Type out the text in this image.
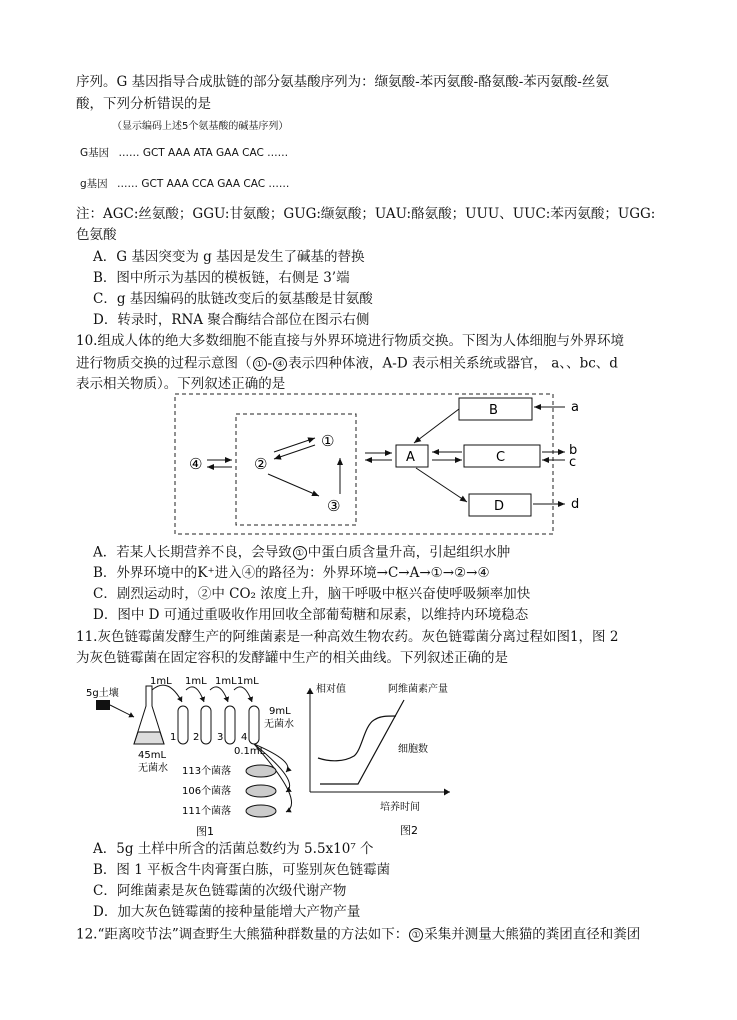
序列。G 基因指导合成肽链的部分氨基酸序列为：缬氨酸-苯丙氨酸-酪氨酸-苯丙氨酸-丝氨
酸，下列分析错误的是
（显示编码上述5个氨基酸的碱基序列）
G基因 …… GCT AAA ATA GAA CAC ……
g基因 …… GCT AAA CCA GAA CAC ……
注：AGC:丝氨酸；GGU:甘氨酸；GUG:缬氨酸；UAU:酪氨酸；UUU、UUC:苯丙氨酸；UGG:
色氨酸
A．G 基因突变为 g 基因是发生了碱基的替换
B．图中所示为基因的模板链，右侧是 3’端
C．g 基因编码的肽链改变后的氨基酸是甘氨酸
D．转录时，RNA 聚合酶结合部位在图示右侧
10.组成人体的绝大多数细胞不能直接与外界环境进行物质交换。下图为人体细胞与外界环境
进行物质交换的过程示意图（ ① - ④ 表示四种体液，A-D 表示相关系统或器官， a、、bc、d
表示相关物质）。下列叙述正确的是
④
①
②
③
A
B
C
D
a
b
c
d
A．若某人长期营养不良，会导致 ① 中蛋白质含量升高，引起组织水肿
B．外界环境中的K⁺进入④的路径为：外界环境→C→A→①→②→④
C．剧烈运动时，②中 CO₂ 浓度上升，脑干呼吸中枢兴奋使呼吸频率加快
D．图中 D 可通过重吸收作用回收全部葡萄糖和尿素，以维持内环境稳态
11.灰色链霉菌发酵生产的阿维菌素是一种高效生物农药。灰色链霉菌分离过程如图1，图 2
为灰色链霉菌在固定容积的发酵罐中生产的相关曲线。下列叙述正确的是
5g土壤
45mL
无菌水
1mL 1mL 1mL 1mL
1 2 3 4
9mL
无菌水
0.1mL
113个菌落
106个菌落
111个菌落
图1
相对值	阿维菌素产量
细胞数
培养时间
图2
A．5g 土样中所含的活菌总数约为 5.5x10⁷ 个
B．图 1 平板含牛肉膏蛋白胨，可鉴别灰色链霉菌
C．阿维菌素是灰色链霉菌的次级代谢产物
D．加大灰色链霉菌的接种量能增大产物产量
12.“距离咬节法”调查野生大熊猫种群数量的方法如下： ① 采集并测量大熊猫的粪团直径和粪团
